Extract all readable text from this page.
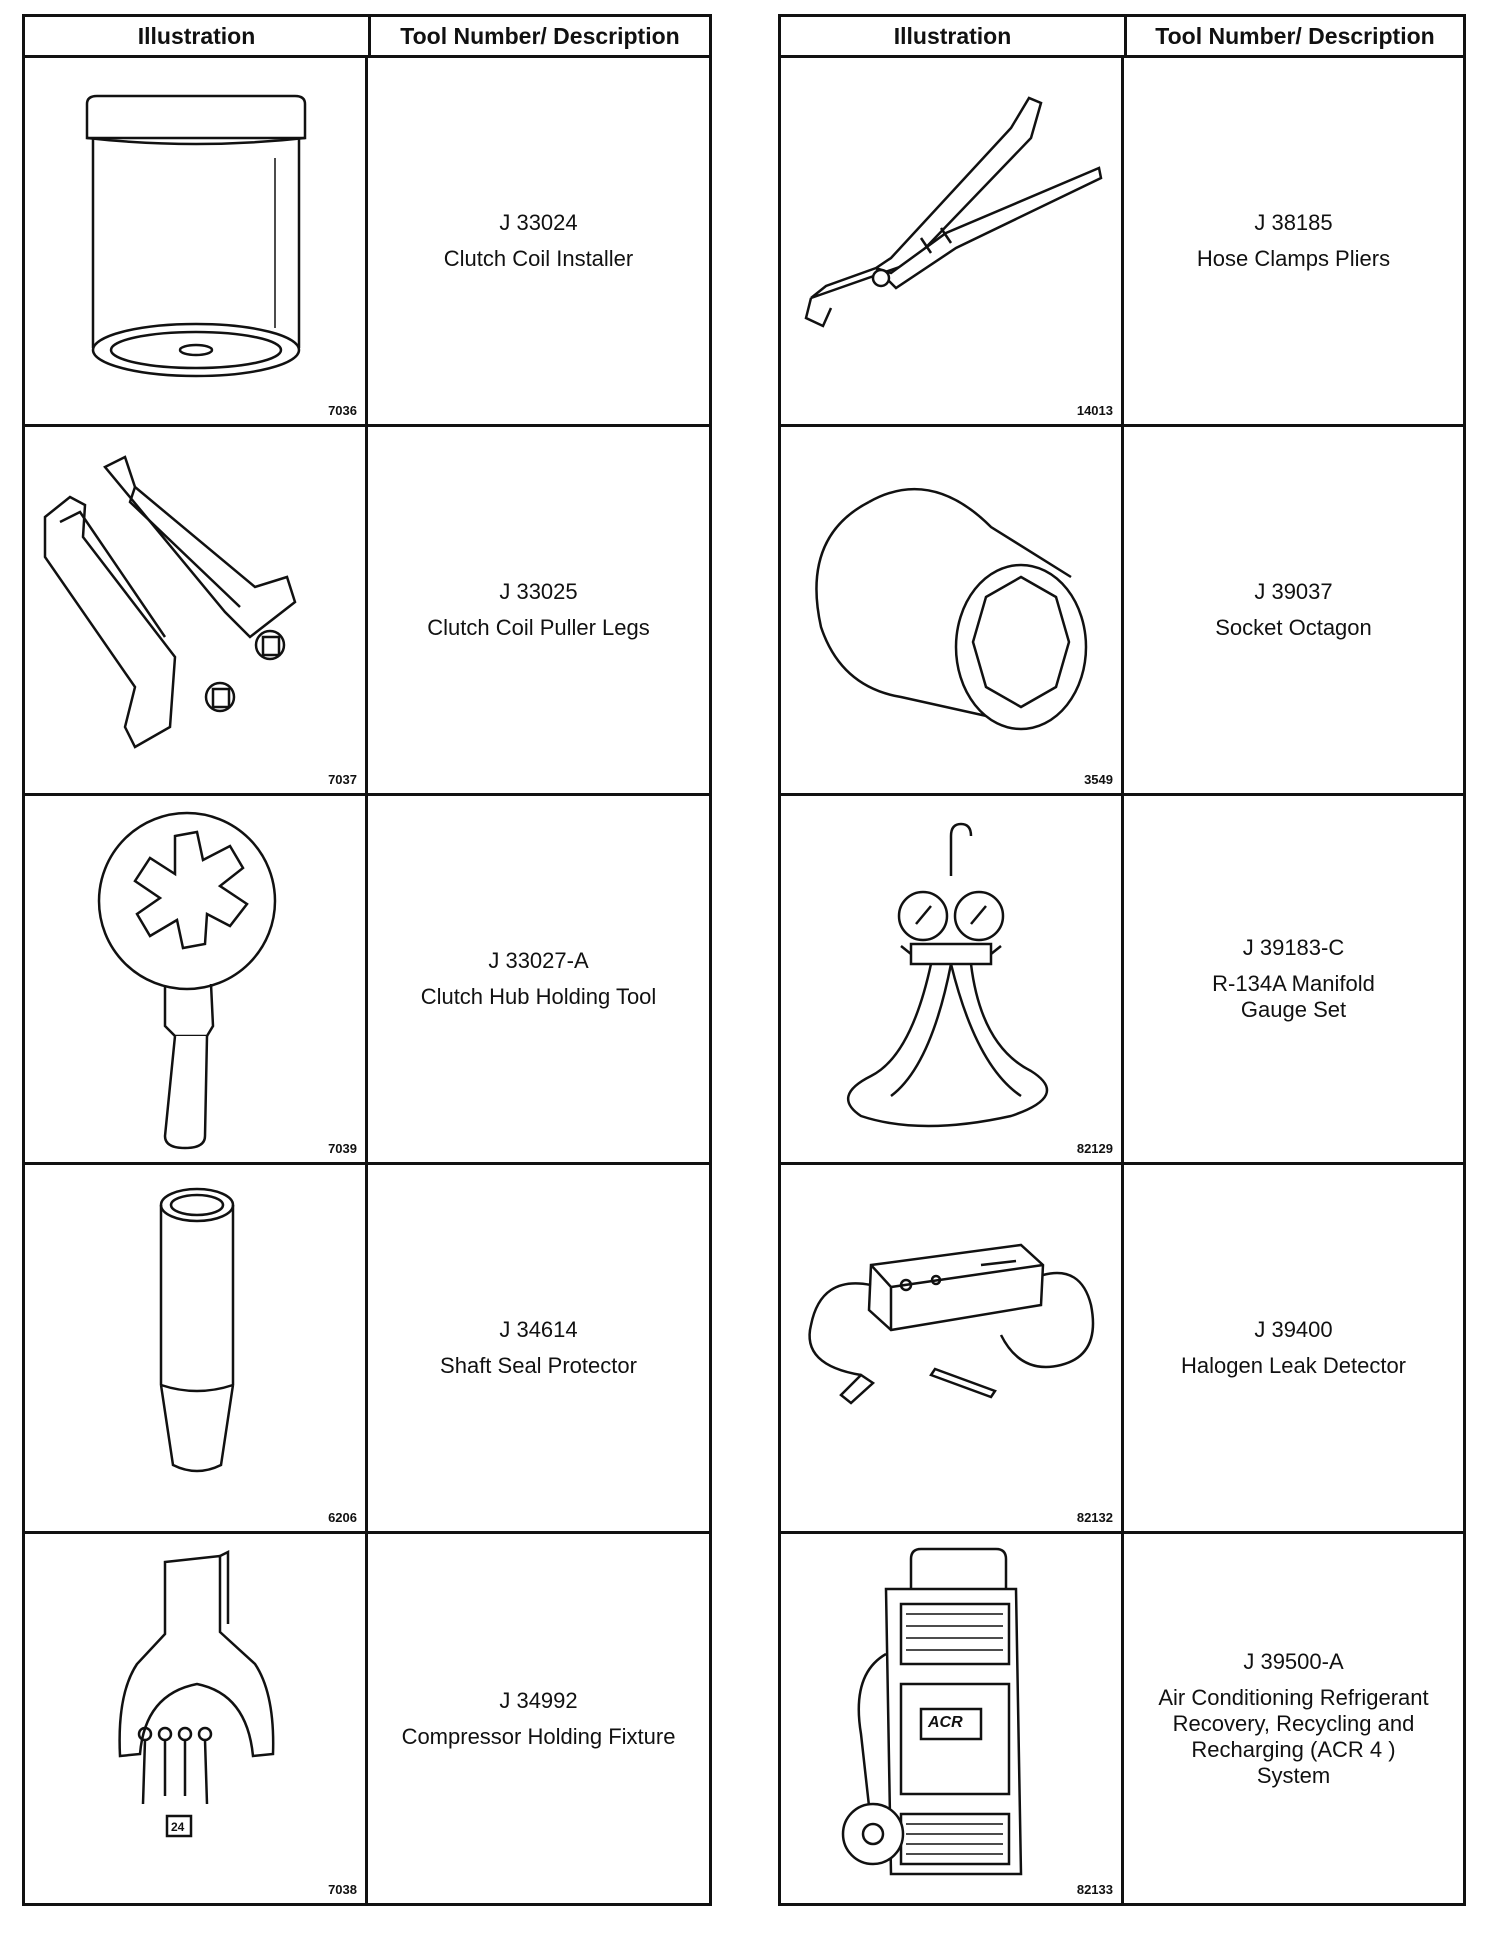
Illustration	Tool Number/ Description
7036
J 33024
Clutch Coil Installer
7037
J 33025
Clutch Coil Puller Legs
7039
J 33027-A
Clutch Hub Holding Tool
6206
J 34614
Shaft Seal Protector
24
7038
J 34992
Compressor Holding Fixture
Illustration	Tool Number/ Description
14013
J 38185
Hose Clamps Pliers
3549
J 39037
Socket Octagon
82129
J 39183-C
R-134A Manifold
Gauge Set
82132
J 39400
Halogen Leak Detector
ACR
82133
J 39500-A
Air Conditioning Refrigerant
Recovery, Recycling and
Recharging (ACR 4 )
System
